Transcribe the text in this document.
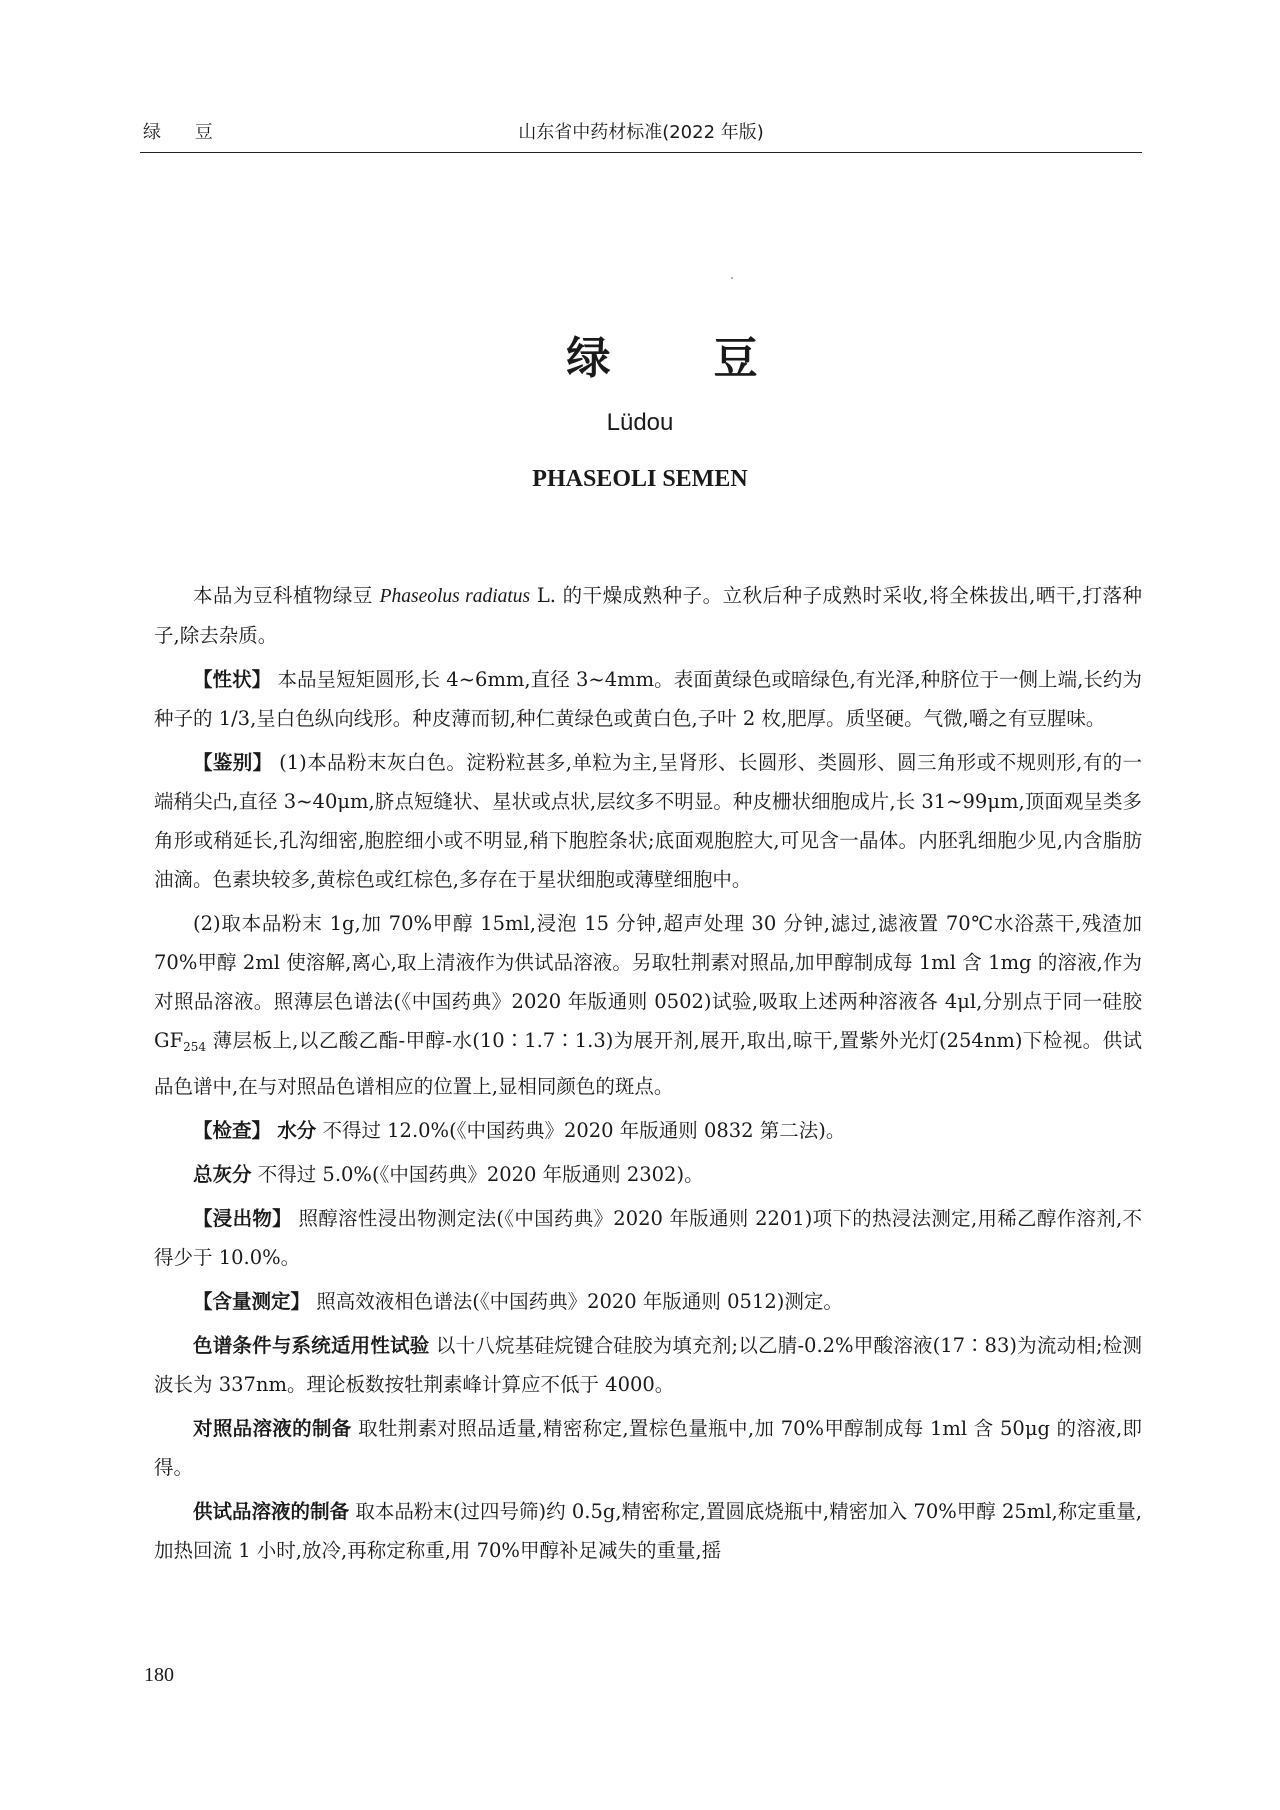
绿 豆	山东省中药材标准(2022 年版)
绿 豆
Lüdou
PHASEOLI SEMEN

本品为豆科植物绿豆 Phaseolus radiatus L. 的干燥成熟种子。立秋后种子成熟时采收,将全株拔出,晒干,打落种子,除去杂质。

【性状】 本品呈短矩圆形,长 4~6mm,直径 3~4mm。表面黄绿色或暗绿色,有光泽,种脐位于一侧上端,长约为种子的 1/3,呈白色纵向线形。种皮薄而韧,种仁黄绿色或黄白色,子叶 2 枚,肥厚。质坚硬。气微,嚼之有豆腥味。

【鉴别】 (1)本品粉末灰白色。淀粉粒甚多,单粒为主,呈肾形、长圆形、类圆形、圆三角形或不规则形,有的一端稍尖凸,直径 3~40μm,脐点短缝状、星状或点状,层纹多不明显。种皮栅状细胞成片,长 31~99μm,顶面观呈类多角形或稍延长,孔沟细密,胞腔细小或不明显,稍下胞腔条状;底面观胞腔大,可见含一晶体。内胚乳细胞少见,内含脂肪油滴。色素块较多,黄棕色或红棕色,多存在于星状细胞或薄壁细胞中。

(2)取本品粉末 1g,加 70%甲醇 15ml,浸泡 15 分钟,超声处理 30 分钟,滤过,滤液置 70℃水浴蒸干,残渣加 70%甲醇 2ml 使溶解,离心,取上清液作为供试品溶液。另取牡荆素对照品,加甲醇制成每 1ml 含 1mg 的溶液,作为对照品溶液。照薄层色谱法(《中国药典》2020 年版通则 0502)试验,吸取上述两种溶液各 4μl,分别点于同一硅胶 $GF_{254}$ 薄层板上,以乙酸乙酯-甲醇-水(10∶1.7∶1.3)为展开剂,展开,取出,晾干,置紫外光灯(254nm)下检视。供试品色谱中,在与对照品色谱相应的位置上,显相同颜色的斑点。

【检查】 水分 不得过 12.0%(《中国药典》2020 年版通则 0832 第二法)。

总灰分 不得过 5.0%(《中国药典》2020 年版通则 2302)。

【浸出物】 照醇溶性浸出物测定法(《中国药典》2020 年版通则 2201)项下的热浸法测定,用稀乙醇作溶剂,不得少于 10.0%。

【含量测定】 照高效液相色谱法(《中国药典》2020 年版通则 0512)测定。

色谱条件与系统适用性试验 以十八烷基硅烷键合硅胶为填充剂;以乙腈-0.2%甲酸溶液(17∶83)为流动相;检测波长为 337nm。理论板数按牡荆素峰计算应不低于 4000。

对照品溶液的制备 取牡荆素对照品适量,精密称定,置棕色量瓶中,加 70%甲醇制成每 1ml 含 50μg 的溶液,即得。

供试品溶液的制备 取本品粉末(过四号筛)约 0.5g,精密称定,置圆底烧瓶中,精密加入 70%甲醇 25ml,称定重量,加热回流 1 小时,放冷,再称定称重,用 70%甲醇补足减失的重量,摇

180
